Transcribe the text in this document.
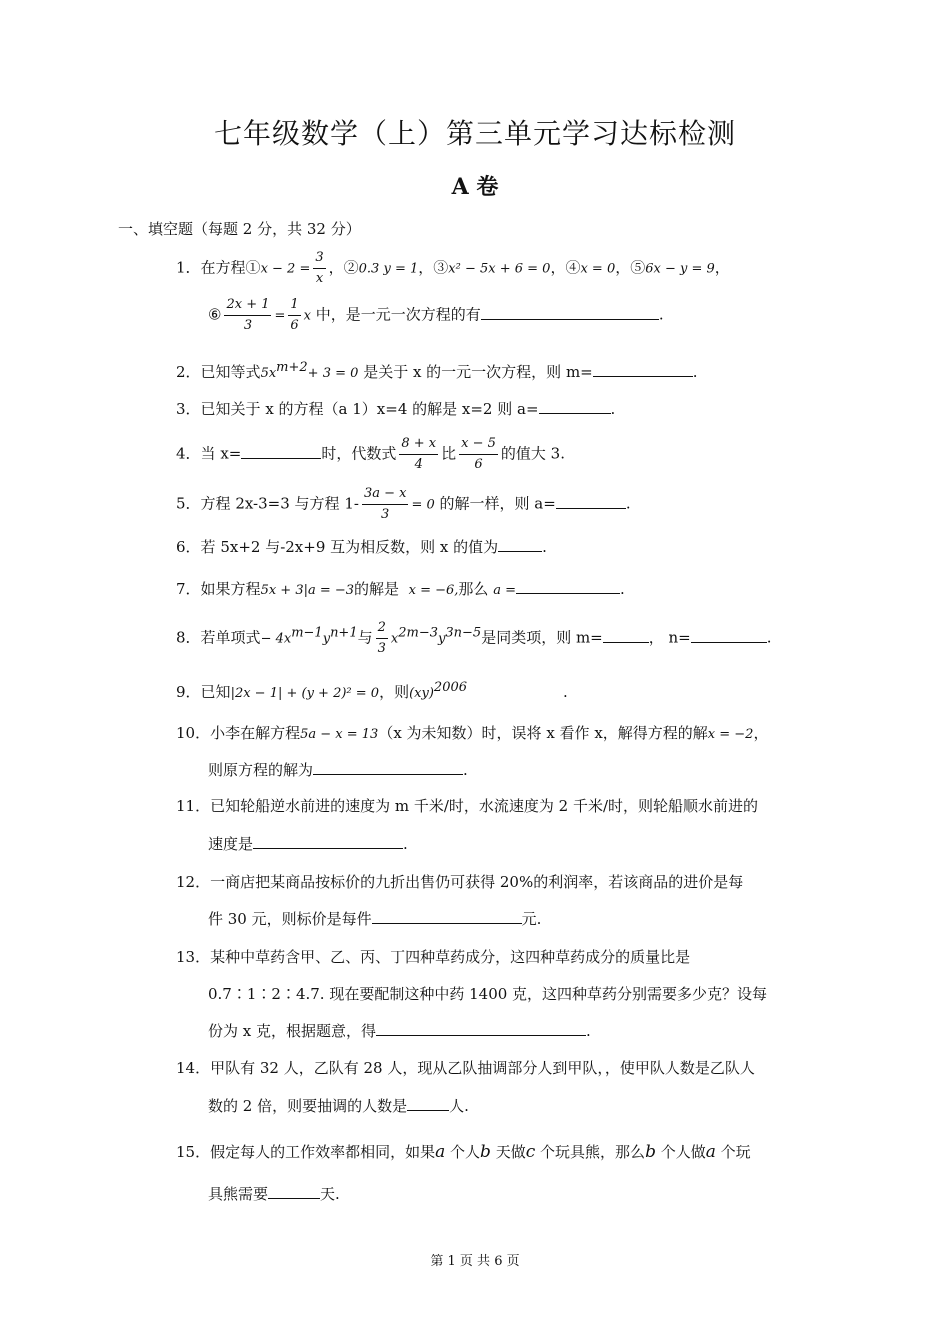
七年级数学（上）第三单元学习达标检测
A 卷
一、填空题（每题 2 分，共 32 分）
1．在方程①x − $2 = \frac{3}{x}$ ，②0.3 y = 1，③x² − 5x + 6 = 0，④x = 0，⑤6x − y = 9，
⑥ $\frac{2x + 1}{3} = \frac{1}{6}$ x 中，是一元一次方程的有	.
2．已知等式$5x^{m+2}+ 3 = 0$ 是关于 x 的一元一次方程，则 m=	.
3．已知关于 x 的方程（a 1）x=4 的解是 x=2 则 a=	.
4．当 x=	时，代数式 $\frac{8 + x}{4}$ 比 $\frac{x - 5}{6}$ 的值大 3.
5．方程 2x-3=3 与方程 $1- \frac{3a - x}{3} = 0$ 的解一样，则 a=	.
6．若 5x+2 与-2x+9 互为相反数，则 x 的值为	.
7．如果方程5x + 3|a = −3的解是 x = −6,那么 a =	.
8．若单项式− $4x^{m-1}y^{n+1}$与 $\frac{2}{3} x^{2m-3}y^{3n-5}$是同类项，则 m=	， n=	.
9．已知|2x − 1| + (y + 2)² = 0，则(xy)$^{2006}$	.
10．小李在解方程5a − x = 13（x 为未知数）时，误将 x 看作 x，解得方程的解x = −2，
则原方程的解为	.
11．已知轮船逆水前进的速度为 m 千米/时，水流速度为 2 千米/时，则轮船顺水前进的
速度是	.
12．一商店把某商品按标价的九折出售仍可获得 20%的利润率，若该商品的进价是每
件 30 元，则标价是每件	元.
13．某种中草药含甲、乙、丙、丁四种草药成分，这四种草药成分的质量比是
0.7∶1∶2∶4.7. 现在要配制这种中药 1400 克，这四种草药分别需要多少克？设每
份为 x 克，根据题意，得	.
14．甲队有 32 人，乙队有 28 人，现从乙队抽调部分人到甲队，，使甲队人数是乙队人
数的 2 倍，则要抽调的人数是	人.
15．假定每人的工作效率都相同，如果a 个人b 天做c 个玩具熊，那么b 个人做a 个玩
具熊需要	天.
第 1 页 共 6 页
